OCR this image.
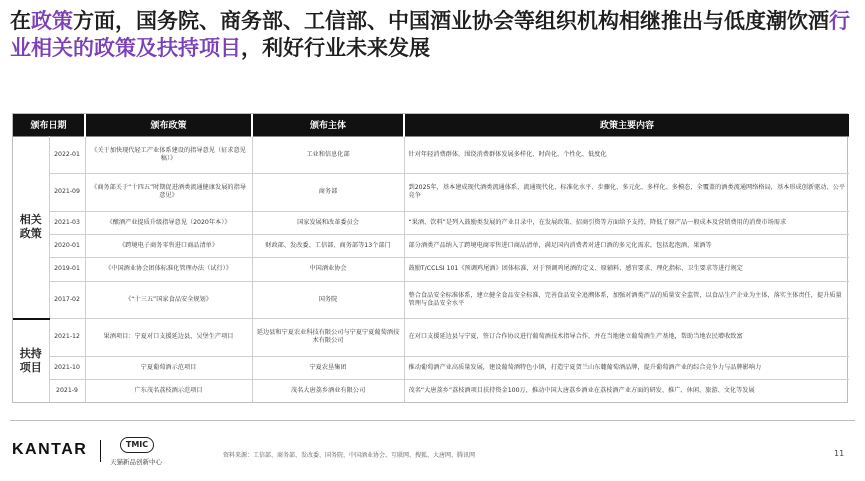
在政策方面，国务院、商务部、工信部、中国酒业协会等组织机构相继推出与低度潮饮酒行业相关的政策及扶持项目，利好行业未来发展
颁布日期		颁布政策	颁布主体	政策主要内容
相关政策	2022-01	《关于加快现代轻工产业体系建设的指导意见（征求意见稿）》	工业和信息化部	针对年轻消费群体，围绕消费群体发展多样化、时尚化、个性化、低度化
	2021-09	《商务部关于“十四五”时期促进酒类流通健康发展的指导意见》	商务部	到2025年，基本建成现代酒类流通体系，流通现代化、标准化水平、步骤化、多元化、多样化、多模态，全覆盖的酒类流通网络格局，基本形成创新驱动、公平竞争
	2021-03	《酿酒产业提质升级指导意见（2020年本）》	国家发展和改革委员会	“果酒、饮料”是列入鼓励类发展的产业目录中，在发展政策、招商引资等方面给予支持，降低了原产品一般成本及营销费用的消费市场需求
	2020-01	《跨境电子商务零售进口商品清单》	财政部、发改委、工信部、商务部等13个部门	部分酒类产品纳入了跨境电商零售进口商品清单，满足国内消费者对进口酒的多元化需求，包括起泡酒、果酒等
	2019-01	《中国酒业协会团体标准化管理办法（试行）》	中国酒业协会	鼓励T/CCLSI 101《预调鸡尾酒》团体标准，对于预调鸡尾酒的定义、原辅料、感官要求、理化指标、卫生要求等进行规定
	2017-02	《“十三五”国家食品安全规划》	国务院	整合食品安全标准体系，建立健全食品安全标准，完善食品安全追溯体系，加强对酒类产品的质量安全监管，以食品生产企业为主体，落实主体责任，提升质量管理与食品安全水平
扶持项目	2021-12	果酒项目：宁夏对口支援延边县、吴堡生产项目	延边县和宁夏农业科技有限公司与宁夏宁夏葡萄酒技术有限公司	在对口支援延边县与宁夏，签订合作协议进行葡萄酒技术指导合作，并在当地建立葡萄酒生产基地，帮助当地农民增收致富
	2021-10	宁夏葡萄酒示范项目	宁夏农垦集团	推动葡萄酒产业高质量发展，建设葡萄酒特色小镇，打造宁夏贺兰山东麓葡萄酒品牌，提升葡萄酒产业的综合竞争力与品牌影响力
	2021-9	广东茂名荔枝酒示范项目	茂名大唐荔乡酒业有限公司	茂名“大唐荔乡”荔枝酒项目扶持资金100万，推动中国大唐荔乡酒业在荔枝酒产业方面的研发、推广、休闲、旅游、文化等发展
KANTAR	TMIC
天猫新品创新中心
资料来源：工信部、商务部、发改委、国务院、中国酒业协会、互联网、搜狐、大唐网、腾讯网	11
